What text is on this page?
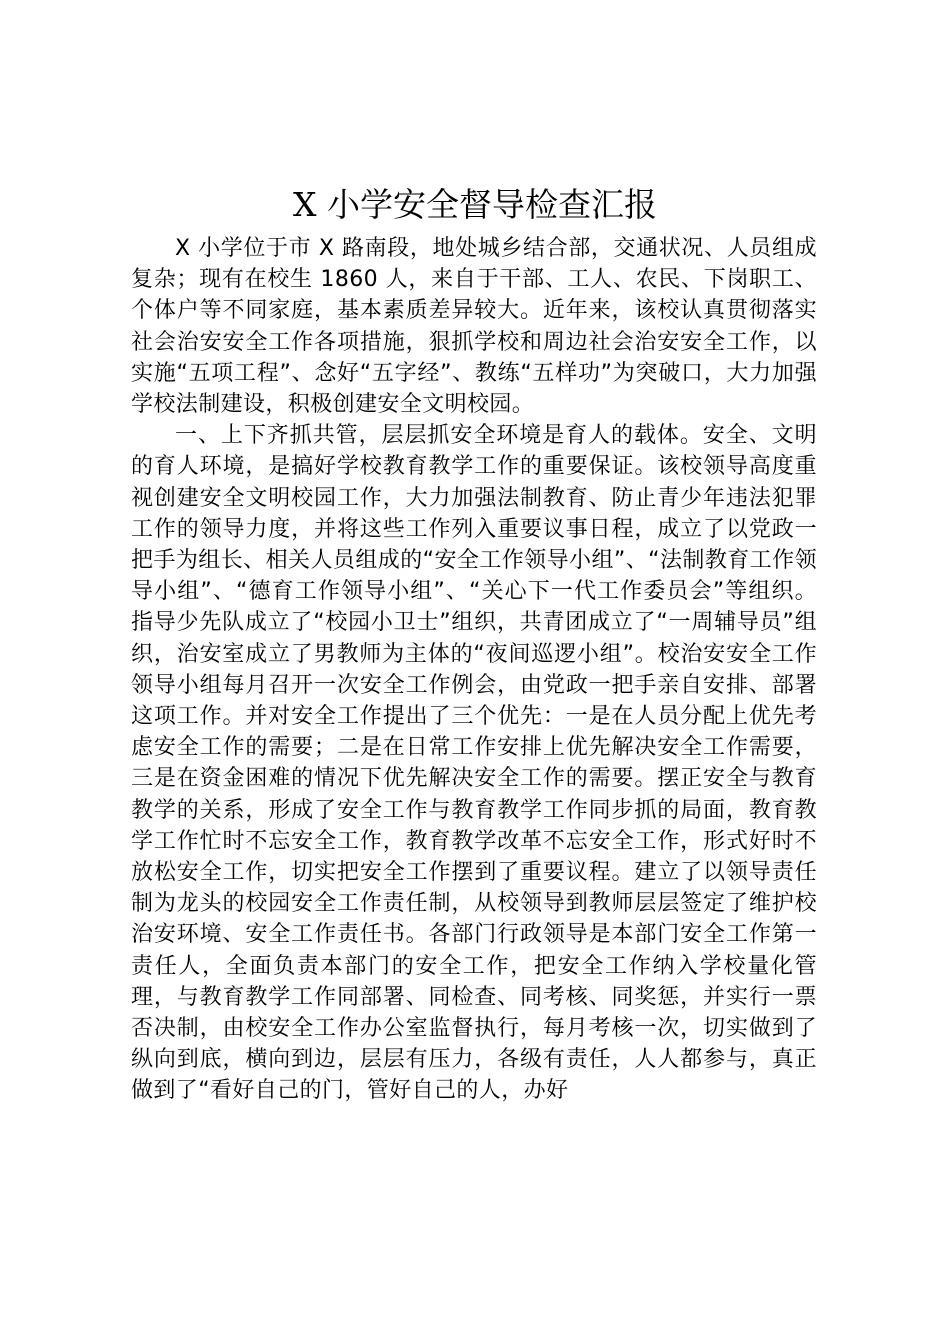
X 小学安全督导检查汇报

X 小学位于市 X 路南段，地处城乡结合部，交通状况、人员组成复杂；现有在校生 1860 人，来自于干部、工人、农民、下岗职工、个体户等不同家庭，基本素质差异较大。近年来，该校认真贯彻落实社会治安安全工作各项措施，狠抓学校和周边社会治安安全工作，以实施“五项工程”、念好“五字经”、教练“五样功”为突破口，大力加强学校法制建设，积极创建安全文明校园。

一、上下齐抓共管，层层抓安全环境是育人的载体。安全、文明的育人环境，是搞好学校教育教学工作的重要保证。该校领导高度重视创建安全文明校园工作，大力加强法制教育、防止青少年违法犯罪工作的领导力度，并将这些工作列入重要议事日程，成立了以党政一把手为组长、相关人员组成的“安全工作领导小组”、“法制教育工作领导小组”、“德育工作领导小组”、“关心下一代工作委员会”等组织。指导少先队成立了“校园小卫士”组织，共青团成立了“一周辅导员”组织，治安室成立了男教师为主体的“夜间巡逻小组”。校治安安全工作领导小组每月召开一次安全工作例会，由党政一把手亲自安排、部署这项工作。并对安全工作提出了三个优先：一是在人员分配上优先考虑安全工作的需要；二是在日常工作安排上优先解决安全工作需要，三是在资金困难的情况下优先解决安全工作的需要。摆正安全与教育教学的关系，形成了安全工作与教育教学工作同步抓的局面，教育教学工作忙时不忘安全工作，教育教学改革不忘安全工作，形式好时不放松安全工作，切实把安全工作摆到了重要议程。建立了以领导责任制为龙头的校园安全工作责任制，从校领导到教师层层签定了维护校治安环境、安全工作责任书。各部门行政领导是本部门安全工作第一责任人，全面负责本部门的安全工作，把安全工作纳入学校量化管理，与教育教学工作同部署、同检查、同考核、同奖惩，并实行一票否决制，由校安全工作办公室监督执行，每月考核一次，切实做到了纵向到底，横向到边，层层有压力，各级有责任，人人都参与，真正做到了“看好自己的门，管好自己的人，办好
